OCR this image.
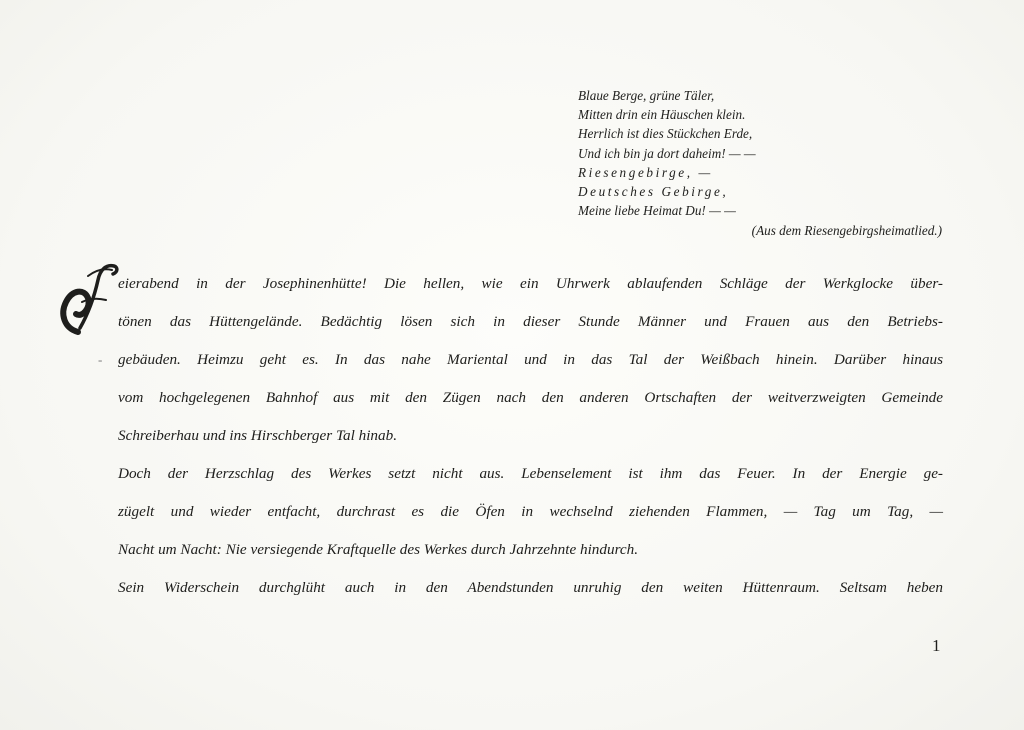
Blaue Berge, grüne Täler,
Mitten drin ein Häuschen klein.
Herrlich ist dies Stückchen Erde,
Und ich bin ja dort daheim! — —
Riesengebirge, —
Deutsches Gebirge,
Meine liebe Heimat Du! — —
(Aus dem Riesengebirgsheimatlied.)
-
eierabend in der Josephinenhütte! Die hellen, wie ein Uhrwerk ablaufenden Schläge der Werkglocke über-
tönen das Hüttengelände. Bedächtig lösen sich in dieser Stunde Männer und Frauen aus den Betriebs-
gebäuden. Heimzu geht es. In das nahe Mariental und in das Tal der Weißbach hinein. Darüber hinaus
vom hochgelegenen Bahnhof aus mit den Zügen nach den anderen Ortschaften der weitverzweigten Gemeinde
Schreiberhau und ins Hirschberger Tal hinab.
Doch der Herzschlag des Werkes setzt nicht aus. Lebenselement ist ihm das Feuer. In der Energie ge-
zügelt und wieder entfacht, durchrast es die Öfen in wechselnd ziehenden Flammen, — Tag um Tag, —
Nacht um Nacht: Nie versiegende Kraftquelle des Werkes durch Jahrzehnte hindurch.
Sein Widerschein durchglüht auch in den Abendstunden unruhig den weiten Hüttenraum. Seltsam heben
1
